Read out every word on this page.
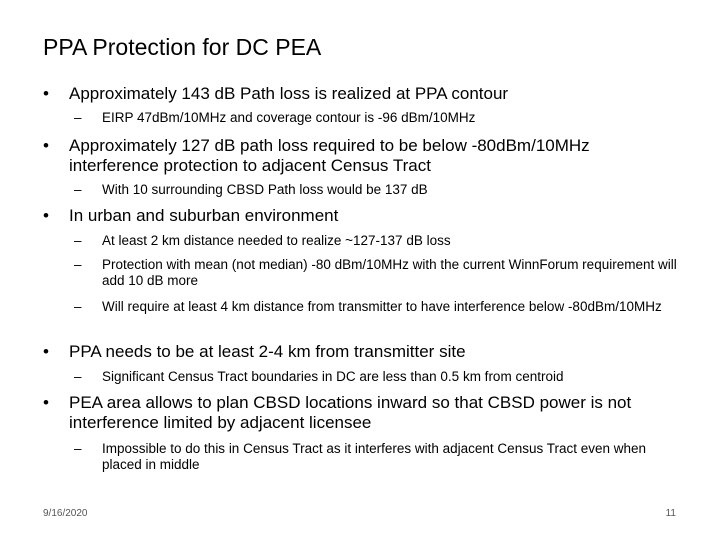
PPA Protection for DC PEA
•	Approximately 143 dB Path loss is realized at PPA contour
–	EIRP 47dBm/10MHz and coverage contour is -96 dBm/10MHz
•	Approximately 127 dB path loss required to be below -80dBm/10MHz interference protection to adjacent Census Tract
–	With 10 surrounding CBSD Path loss would be 137 dB
•	In urban and suburban environment
–	At least 2 km distance needed to realize ~127-137 dB loss
–	Protection with mean (not median) -80 dBm/10MHz with the current WinnForum requirement will add 10 dB more
–	Will require at least 4 km distance from transmitter to have interference below -80dBm/10MHz
•	PPA needs to be at least 2-4 km from transmitter site
–	Significant Census Tract boundaries in DC are less than 0.5 km from centroid
•	PEA area allows to plan CBSD locations inward so that CBSD power is not interference limited by adjacent licensee
–	Impossible to do this in Census Tract as it interferes with adjacent Census Tract even when placed in middle
9/16/2020	11
